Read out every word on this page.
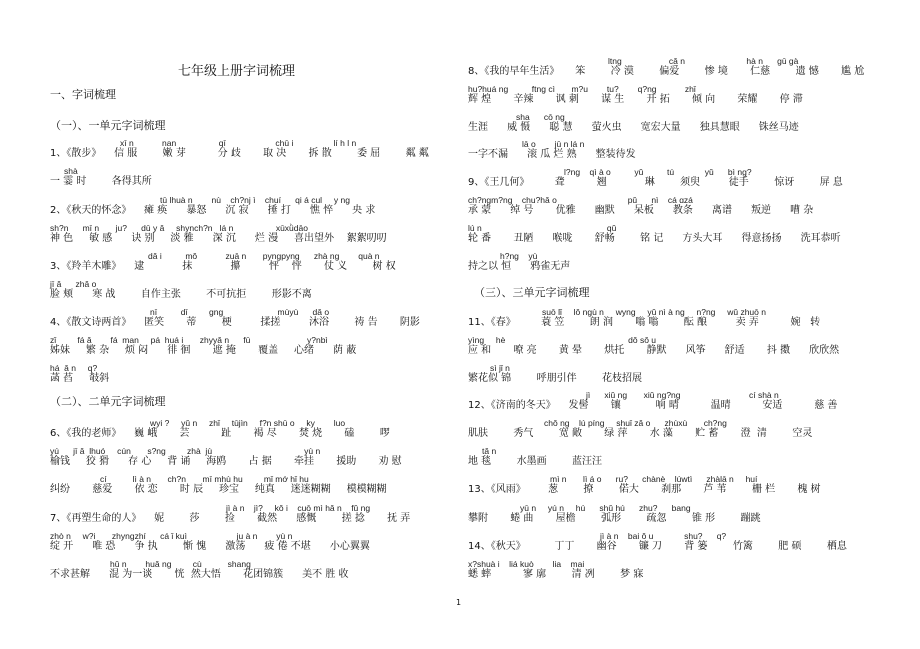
七年级上册字词梳理
一、字词梳理
（一）、一单元字词梳理
xī n            nan                  qī                     chū i                 lí h l n
1、《散步》    信 服        嫩 芽          分 歧       取 决       拆 散        委 屈        粼 粼
shà
一 霎 时        各得其所
tū lhuà n        nù    ch?nj ì    chuí      qi á cul     y ng
2、《秋天的怀念》    瘫 痪      暴怒      沉 寂      捶 打      憔 悴      央 求
sh?n      mī n       ju?      dū y ǎ     shynch?n   lá n                  xūxǜdāo
神 色     敏 感      诀 别     淡 雅      深 沉      烂 漫     喜出望外    絮絮叨叨
dǎ i          mǒ            zuā n       pyngpyng      zhà ng        quà n
3、《羚羊木雕》    逮            抹            攥         怦    怦       仗 义        树 权
jī ǎ      zhǎ o
脸 颊      寒 战        自作主张        不可抗拒        形影不离
nī          dī         gng                       mùyù      dǎ o
4、《散文诗两首》    匿笑       蒂        梗         揉搓         沐浴        祷 告       阴影
zǐ         fá ǎ        fá  man     pá  huá i       zhyyǎ n      fū                        y?nbì
姊妹     繁 杂     烦 闷      徘 徊       遮 掩       覆盖     心绪      荫 蔽
há  ǎ n     q?
菡 萏     攲斜
（二）、二单元字词梳理
wyi ?     yǔ n     zhǐ     tūjìn     f?n shū o     ky        luo
6、《我的老师》    巍 峨       芸          趾       褐 尽       焚 烧       磕        啰
yú      jī ǎ  lhuó     cún       s?ng         zhà  jù                                       yù n
榆钱     狡 猾      存 心     背 诵     海鸥       占 据       牵挂       援助       劝 慰
cí           lì à n       ch?n       mī mhù hu         mǐ mớ hǐ hu
纠纷       慈爱       依 恋       时 辰     珍宝     纯真     迷迷糊糊     模模糊糊
jì à n    jì?     kǒ i    cuō mì hǎ n    fǔ ng
7、《再塑生命的人》    妮        莎        捡       截然      感慨        搓 捻       抚 弄
zhò n     w?i       zhyngzhí      cá ǐ kuì                     ju à n        yù n
绽 开      唯 恐      争 执        惭 愧      激荡      疲 倦 不堪      小心翼翼
hǔ n        huǎ ng         cù           shang
不求甚解      混 为一谈       恍  然大悟       花团锦簇      美不 胜 收
ltng                    cǎ n                          hà n      gū gà
8、《我的早年生活》     笨        冷 漠        偏爱        惨 境       仁慈        遗 憾       尴 尬
hu?huá ng          ftng cì       m?u        tu?        q?ng            zhǐ
辉 煌       辛辣       讽 刺       谋 生       开 拓       倾 向       荣耀       停 滞
sha      cō ng
生涯      威 慑      聪 慧      萤火虫      宽宏大量      独具慧眼      铢丝马迹
lā o        jū n lá n
一字不漏      滚 瓜 烂 熟      整装待发
l?ng    qì à o          yǔ          tú             yǔ      bì ng?
9、《王几何》        聋          翘            琳        须臾         徒手        惊讶        屏 息
ch?ngm?ng    chu?hǎ o                              pǔ      nì    cá ɑzá
承 蒙      绰 号       优雅      幽默      呆板      教条      离谱      叛逆      嘈 杂
lú n                                                     qǔ
轮 番       丑陋      喉咙       舒畅        铭 记      方头大耳      得意扬扬      洗耳恭听
h?ng    yù
持之以 恒      鸦雀无声
（三）、三单元字词梳理
suō lǐ     lǒ ngù n     wyng     yǔ nì à ng     n?ng     wǔ zhuō n
11、《春》        蓑 笠        朗 润       嗡 嗡        酝 酿         卖 弄          婉   转
yìng     hè                                                    dǒ sǒ u
应 和       嘹 亮       黄 晕       烘托       静默      风筝      舒适       抖 擞      欣欣然
sì jǐ n
繁花似 锦        呼朋引伴        花枝招展
jì      xiǔ ng       xiǔ ng?ng                             cí shà n
12、《济南的冬天》    发髻       镶           响 晴          温晴          安适          慈 善
chǒ ng    lú píng     shuǐ zǎ o      zhùxù       ch?ng
肌肤        秀气        宽 敞       绿 萍       水 藻       贮 蓄       澄  清        空灵
tǎ n
地 毯        水墨画        蓝汪汪
mì n       lì á o      ru?      chànè    lúwtì      zhàlā n     huí
13、《风雨》       葱        撩        偌大       刹那       芦 苇        栅 栏       槐 树
yū n     yú n     hú      shǔ hú      zhu?      bang
攀附       蜷 曲       屋檐        弧形        疏忽        锥 形        蹦跳
jì à n    bai ǒ u             shu?      q?
14、《秋天》         丁丁       幽谷       镰 刀       背 篓        竹篱        肥 硕        栖息
x?shuà i    liá kuò        lia    mai
蟋 蟀          寥 廓        清 冽        梦 寐
1
